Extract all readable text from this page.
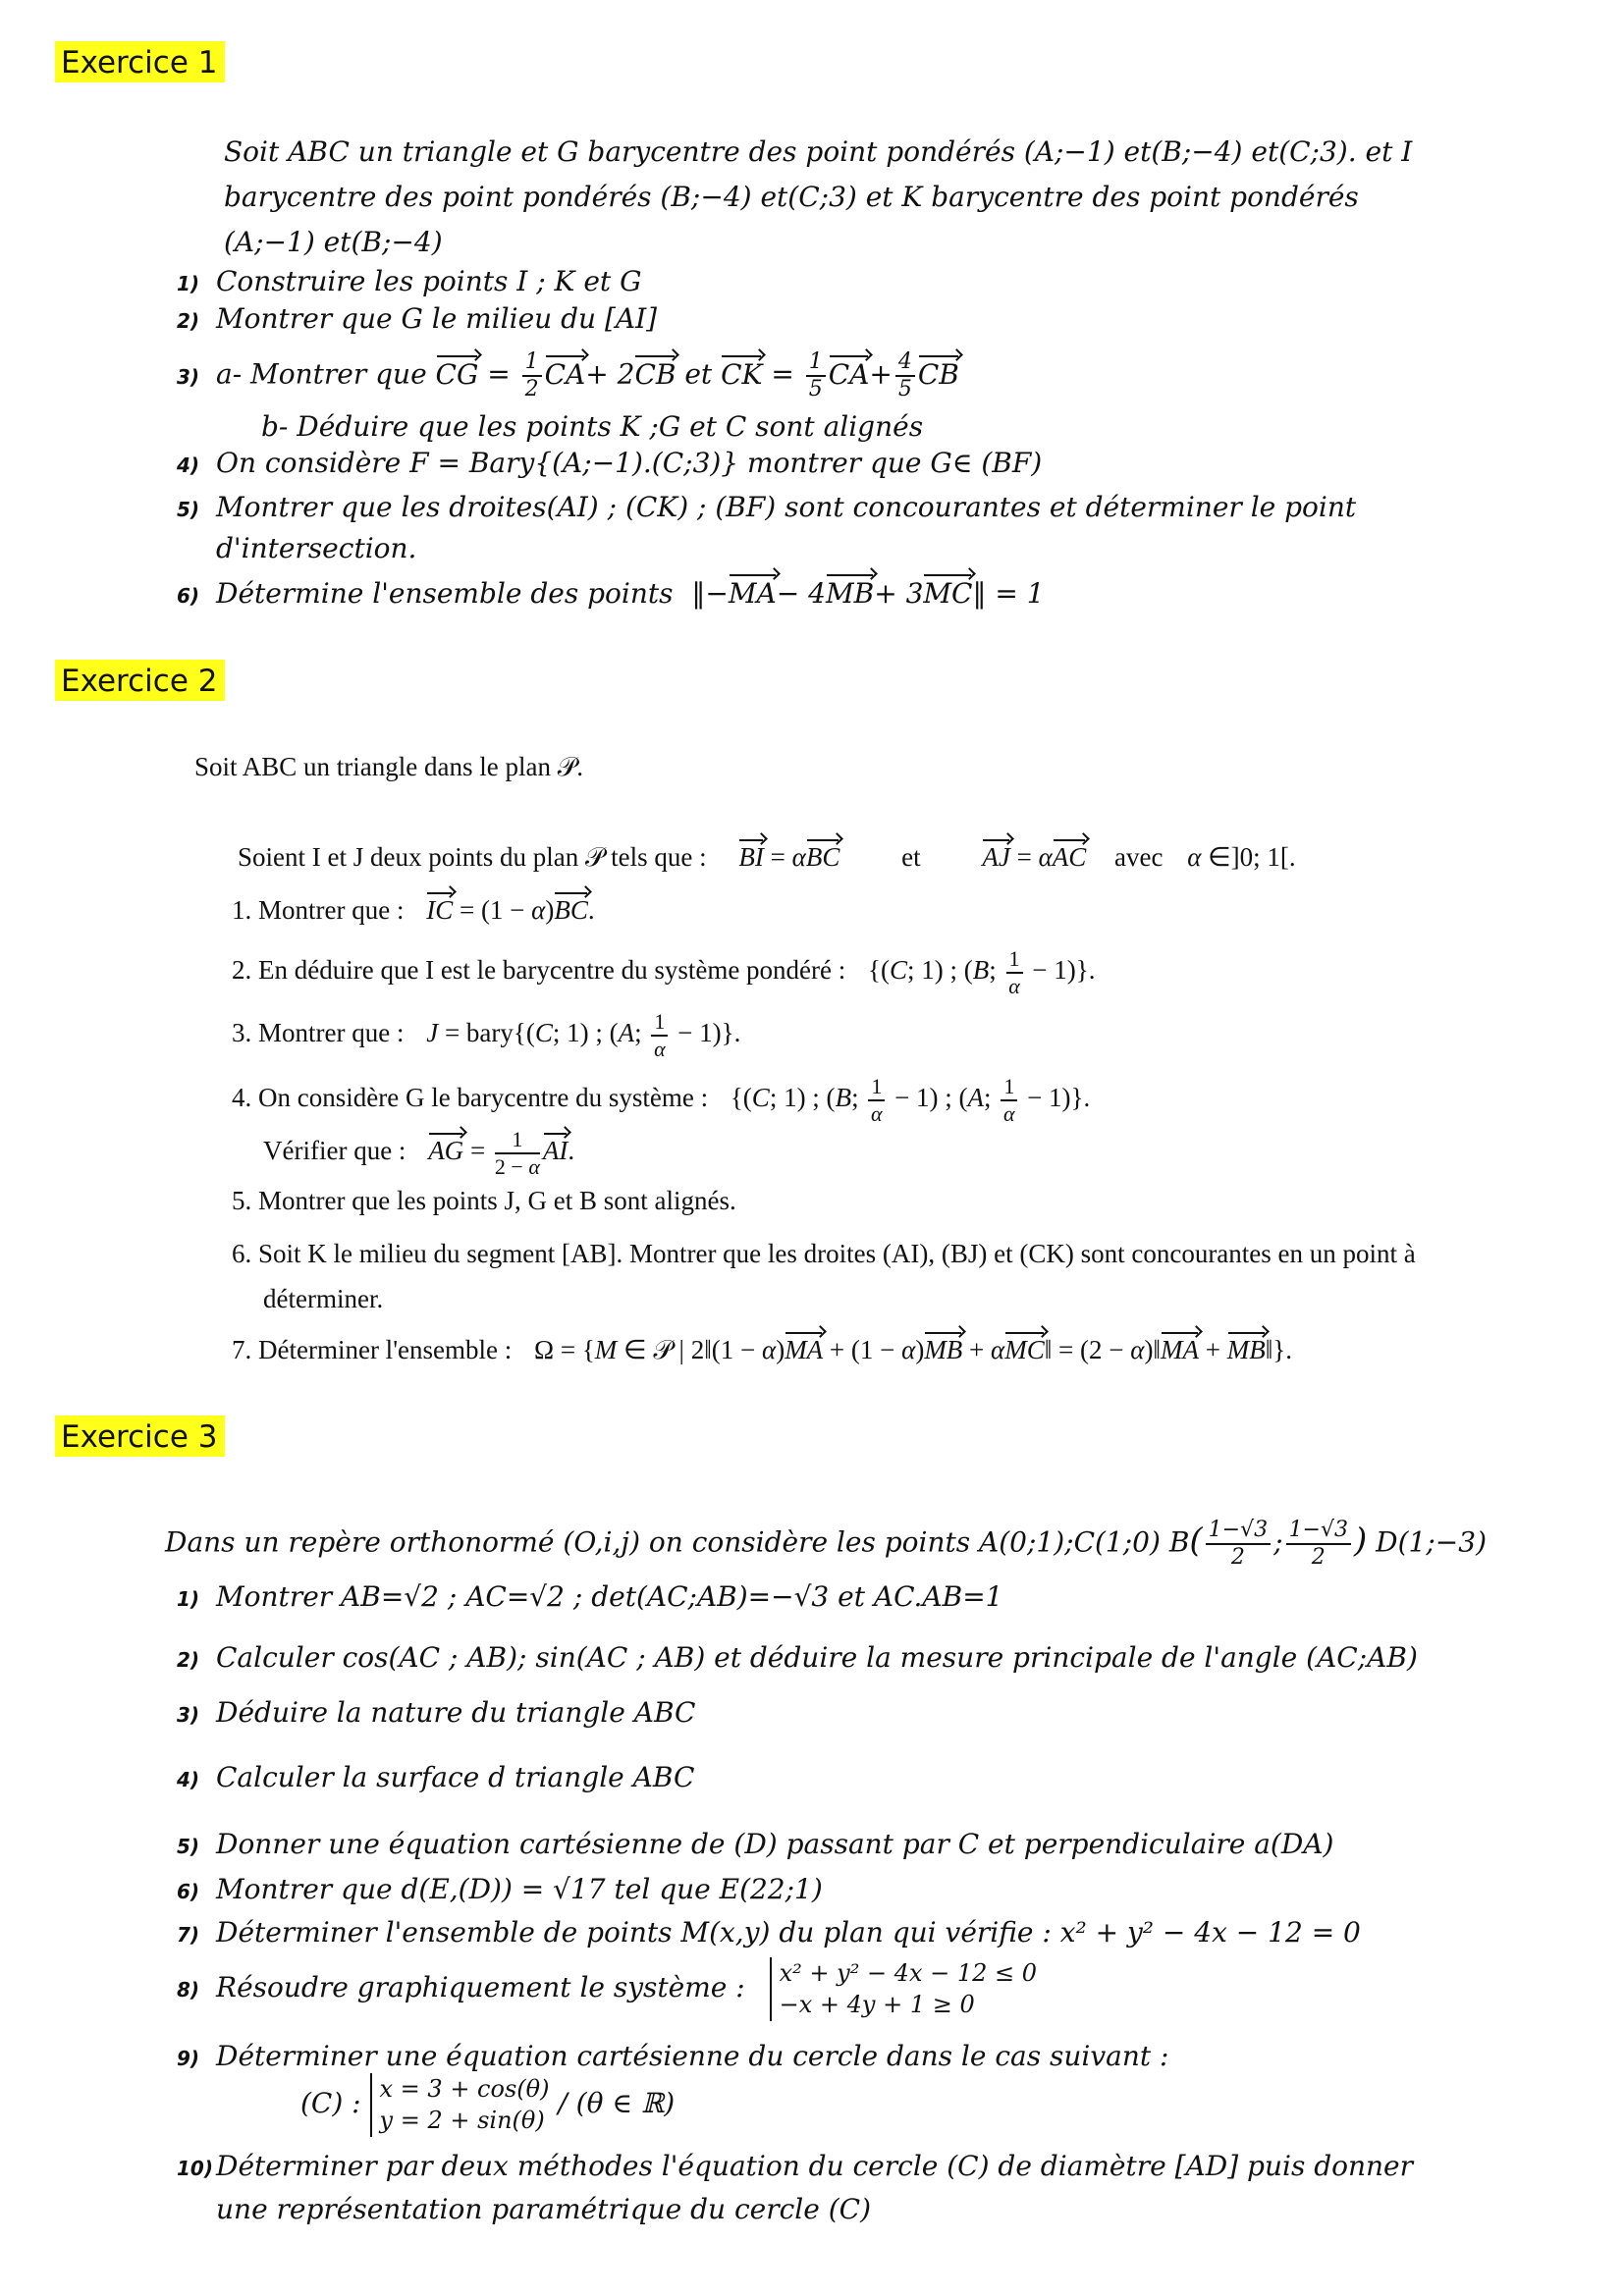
Exercice 1
Soit ABC un triangle et G barycentre des point pondérés (A;−1) et(B;−4) et(C;3). et I
barycentre des point pondérés (B;−4) et(C;3) et K barycentre des point pondérés
(A;−1) et(B;−4)
1) Construire les points I ; K et G
2) Montrer que G le milieu du [AI]
3) a- Montrer que CG = $\frac{1}{2} CA+ 2CB$ et CK = $\frac{1}{5} CA+ \frac{4}{5}$ CB
b- Déduire que les points K ;G et C sont alignés
4) On considère F = Bary{(A;−1).(C;3)} montrer que G∈ (BF)
5) Montrer que les droites(AI) ; (CK) ; (BF) sont concourantes et déterminer le point
d'intersection.
6) Détermine l'ensemble des points ‖−MA− 4MB+ 3MC‖ = 1
Exercice 2
Soit ABC un triangle dans le plan 𝒫.
Soient I et J deux points du plan 𝒫 tels que : BI = αBC et AJ = αAC avec α ∈]0; 1[.
1. Montrer que : IC = (1 − α)BC.
2. En déduire que I est le barycentre du système pondéré : {(C; 1) ; (B; $\frac{1}{\alpha} - 1$)}.
3. Montrer que : J = bary{(C; 1) ; (A; $\frac{1}{\alpha} - 1$)}.
4. On considère G le barycentre du système : {(C; 1) ; (B; $\frac{1}{\alpha} - 1$) ; (A; $\frac{1}{\alpha} - 1$)}.
Vérifier que : AG = $\frac{1}{2 - \alpha}$ AI.
5. Montrer que les points J, G et B sont alignés.
6. Soit K le milieu du segment [AB]. Montrer que les droites (AI), (BJ) et (CK) sont concourantes en un point à
déterminer.
7. Déterminer l'ensemble : Ω = {M ∈ 𝒫 | 2‖(1 − α)MA + (1 − α)MB + αMC‖ = (2 − α)‖MA + MB‖}.
Exercice 3
Dans un repère orthonormé (O,i,j) on considère les points A(0;1);C(1;0) $B( \frac{1-√3}{2}$ ; $\frac{1-√3}{2}$ ) D(1;−3)
1) Montrer AB=√2 ; AC=√2 ; det(AC;AB)=−√3 et AC.AB=1
2) Calculer cos(AC ; AB); sin(AC ; AB) et déduire la mesure principale de l'angle (AC;AB)
3) Déduire la nature du triangle ABC
4) Calculer la surface d triangle ABC
5) Donner une équation cartésienne de (D) passant par C et perpendiculaire a(DA)
6) Montrer que d(E,(D)) = √17 tel que E(22;1)
7) Déterminer l'ensemble de points M(x,y) du plan qui vérifie : x² + y² − 4x − 12 = 0
8) Résoudre graphiquement le système : x² + y² − 4x − 12 ≤ 0
−x + 4y + 1 ≥ 0
9) Déterminer une équation cartésienne du cercle dans le cas suivant :
(C) : x = 3 + cos(θ)
y = 2 + sin(θ) / (θ ∈ ℝ)
10) Déterminer par deux méthodes l'équation du cercle (C) de diamètre [AD] puis donner
une représentation paramétrique du cercle (C)
